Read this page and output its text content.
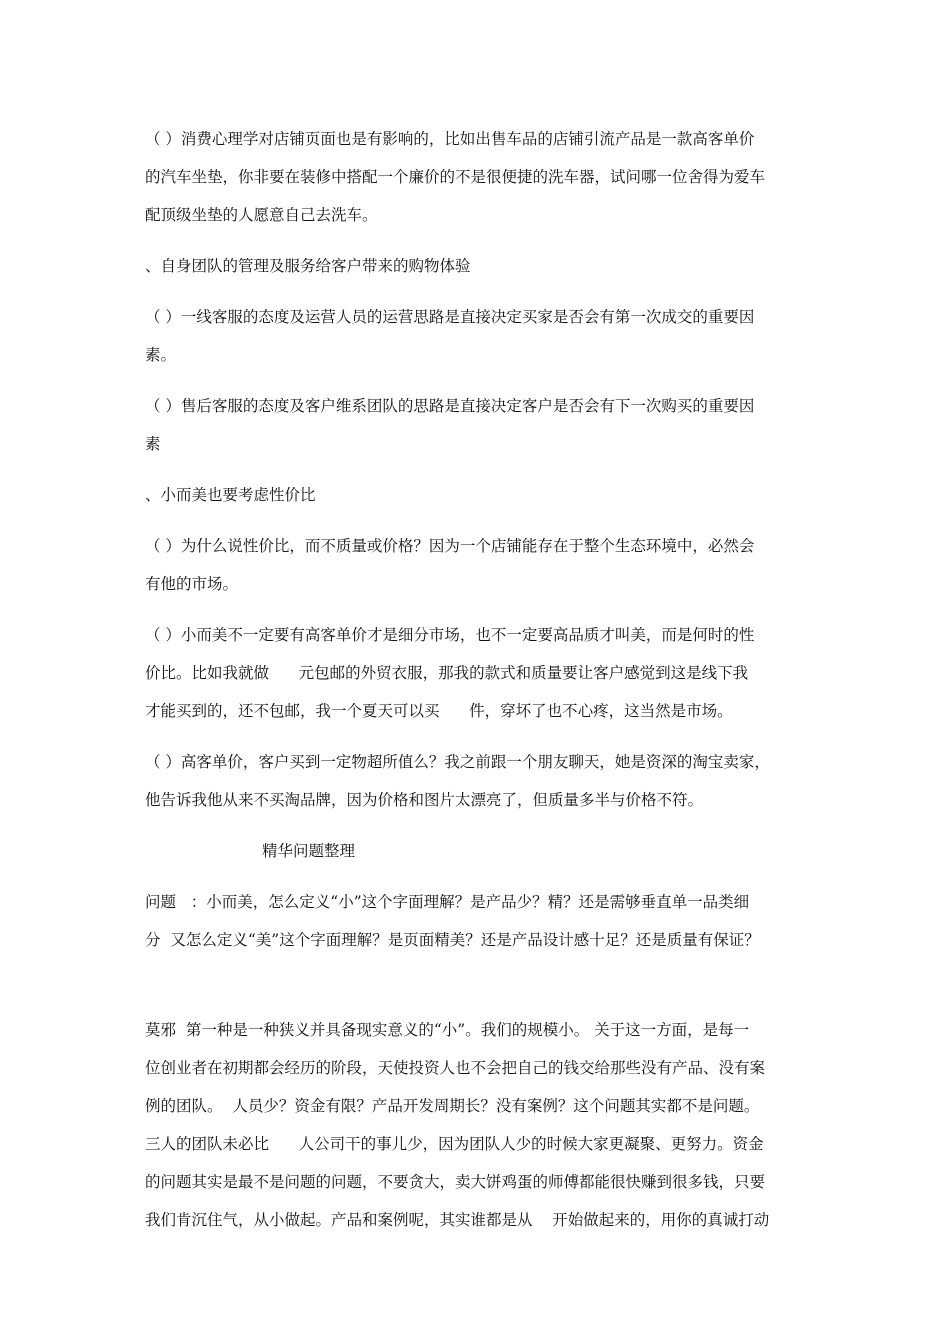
（ ）消费心理学对店铺页面也是有影响的，比如出售车品的店铺引流产品是一款高客单价
的汽车坐垫，你非要在装修中搭配一个廉价的不是很便捷的洗车器，试问哪一位舍得为爱车
配顶级坐垫的人愿意自己去洗车。
、自身团队的管理及服务给客户带来的购物体验
（ ）一线客服的态度及运营人员的运营思路是直接决定买家是否会有第一次成交的重要因
素。
（ ）售后客服的态度及客户维系团队的思路是直接决定客户是否会有下一次购买的重要因
素
、小而美也要考虑性价比
（ ）为什么说性价比，而不质量或价格？因为一个店铺能存在于整个生态环境中，必然会
有他的市场。
（ ）小而美不一定要有高客单价才是细分市场，也不一定要高品质才叫美，而是何时的性
价比。比如我就做      元包邮的外贸衣服，那我的款式和质量要让客户感觉到这是线下我
才能买到的，还不包邮，我一个夏天可以买      件，穿坏了也不心疼，这当然是市场。
（ ）高客单价，客户买到一定物超所值么？我之前跟一个朋友聊天，她是资深的淘宝卖家，
他告诉我他从来不买淘品牌，因为价格和图片太漂亮了，但质量多半与价格不符。
精华问题整理
问题   ：小而美，怎么定义“小”这个字面理解？是产品少？精？还是需够垂直单一品类细
分  又怎么定义“美”这个字面理解？是页面精美？还是产品设计感十足？还是质量有保证？
莫邪  第一种是一种狭义并具备现实意义的“小”。我们的规模小。 关于这一方面，是每一
位创业者在初期都会经历的阶段，天使投资人也不会把自己的钱交给那些没有产品、没有案
例的团队。  人员少？资金有限？产品开发周期长？没有案例？这个问题其实都不是问题。
三人的团队未必比      人公司干的事儿少，因为团队人少的时候大家更凝聚、更努力。资金
的问题其实是最不是问题的问题，不要贪大，卖大饼鸡蛋的师傅都能很快赚到很多钱，只要
我们肯沉住气，从小做起。产品和案例呢，其实谁都是从    开始做起来的，用你的真诚打动
